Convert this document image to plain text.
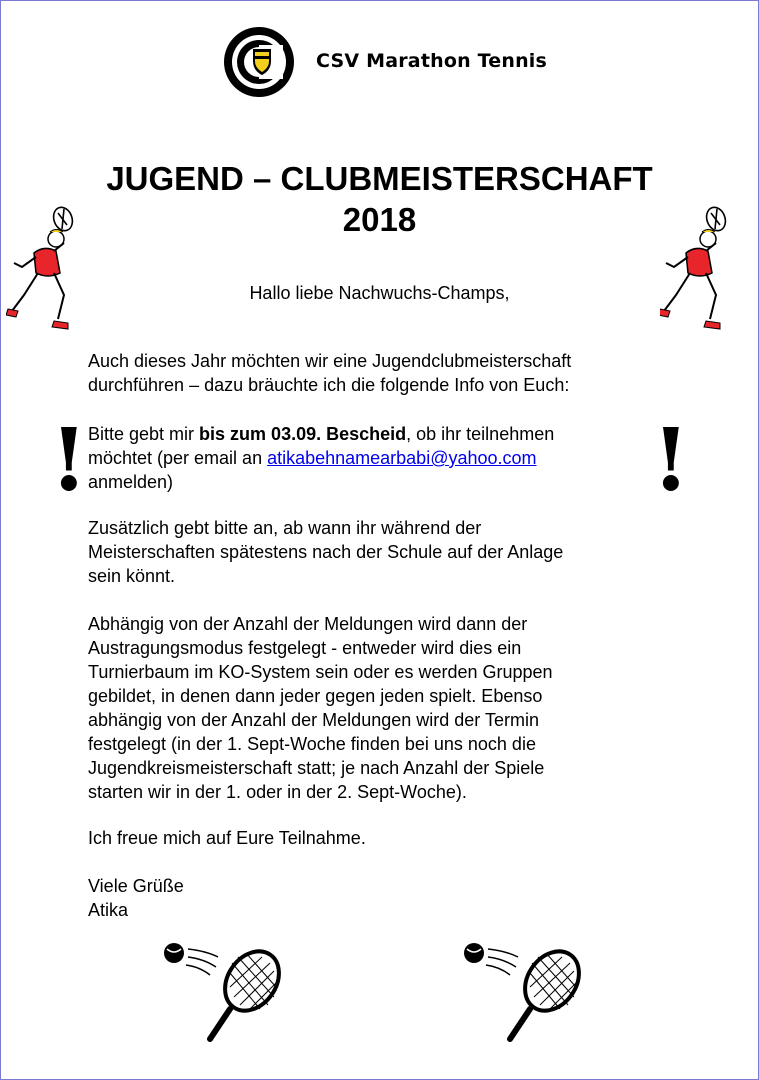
CSV Marathon Tennis
JUGEND – CLUBMEISTERSCHAFT
2018
Hallo liebe Nachwuchs-Champs,
Auch dieses Jahr möchten wir eine Jugendclubmeisterschaft
durchführen – dazu bräuchte ich die folgende Info von Euch:
!	!
Bitte gebt mir bis zum 03.09. Bescheid, ob ihr teilnehmen
möchtet (per email an atikabehnamearbabi@yahoo.com
anmelden)
Zusätzlich gebt bitte an, ab wann ihr während der
Meisterschaften spätestens nach der Schule auf der Anlage
sein könnt.
Abhängig von der Anzahl der Meldungen wird dann der
Austragungsmodus festgelegt - entweder wird dies ein
Turnierbaum im KO-System sein oder es werden Gruppen
gebildet, in denen dann jeder gegen jeden spielt. Ebenso
abhängig von der Anzahl der Meldungen wird der Termin
festgelegt (in der 1. Sept-Woche finden bei uns noch die
Jugendkreismeisterschaft statt; je nach Anzahl der Spiele
starten wir in der 1. oder in der 2. Sept-Woche).
Ich freue mich auf Eure Teilnahme.
Viele Grüße
Atika
